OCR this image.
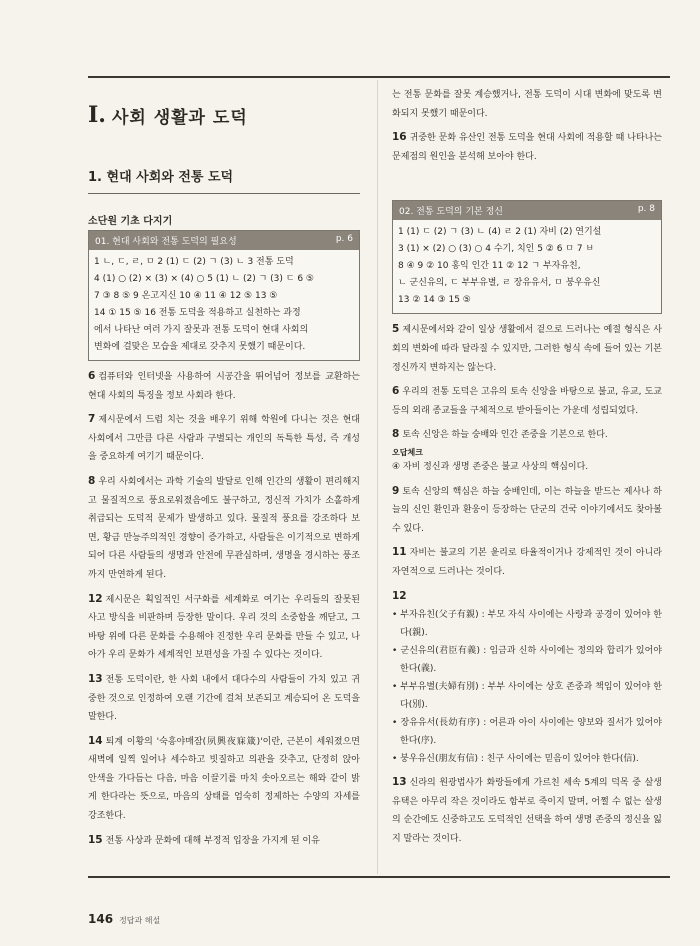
Ⅰ. 사회 생활과 도덕
1. 현대 사회와 전통 도덕
소단원 기초 다지기
01. 현대 사회와 전통 도덕의 필요성	p. 6
1 ㄴ, ㄷ, ㄹ, ㅁ 2 (1) ㄷ (2) ㄱ (3) ㄴ 3 전통 도덕
4 (1) ○ (2) × (3) × (4) ○ 5 (1) ㄴ (2) ㄱ (3) ㄷ 6 ⑤
7 ③ 8 ⑤ 9 온고지신 10 ④ 11 ④ 12 ⑤ 13 ⑤
14 ① 15 ⑤ 16 전통 도덕을 적용하고 실천하는 과정
에서 나타난 여러 가지 잘못과 전통 도덕이 현대 사회의
변화에 걸맞은 모습을 제대로 갖추지 못했기 때문이다.
6 컴퓨터와 인터넷을 사용하여 시공간을 뛰어넘어 정보를 교환하는 현대 사회의 특징을 정보 사회라 한다.
7 제시문에서 드럼 치는 것을 배우기 위해 학원에 다니는 것은 현대 사회에서 그만큼 다른 사람과 구별되는 개인의 독특한 특성, 즉 개성을 중요하게 여기기 때문이다.
8 우리 사회에서는 과학 기술의 발달로 인해 인간의 생활이 편리해지고 물질적으로 풍요로워졌음에도 불구하고, 정신적 가치가 소홀하게 취급되는 도덕적 문제가 발생하고 있다. 물질적 풍요를 강조하다 보면, 황금 만능주의적인 경향이 증가하고, 사람들은 이기적으로 변하게 되어 다른 사람들의 생명과 안전에 무관심하며, 생명을 경시하는 풍조까지 만연하게 된다.
12 제시문은 획일적인 서구화를 세계화로 여기는 우리들의 잘못된 사고 방식을 비판하며 등장한 말이다. 우리 것의 소중함을 깨닫고, 그 바탕 위에 다른 문화를 수용해야 진정한 우리 문화를 만들 수 있고, 나아가 우리 문화가 세계적인 보편성을 가질 수 있다는 것이다.
13 전통 도덕이란, 한 사회 내에서 대다수의 사람들이 가치 있고 귀중한 것으로 인정하여 오랜 기간에 걸쳐 보존되고 계승되어 온 도덕을 말한다.
14 퇴계 이황의 '숙흥야매잠(夙興夜寐箴)'이란, 근본이 세워졌으면 새벽에 일찍 일어나 세수하고 빗질하고 의관을 갖추고, 단정히 앉아 안색을 가다듬는 다음, 마음 이끌기를 마치 솟아오르는 해와 같이 밝게 한다라는 뜻으로, 마음의 상태를 엄숙히 정제하는 수양의 자세를 강조한다.
15 전통 사상과 문화에 대해 부정적 입장을 가지게 된 이유
는 전통 문화를 잘못 계승했거나, 전통 도덕이 시대 변화에 맞도록 변화되지 못했기 때문이다.
16 귀중한 문화 유산인 전통 도덕을 현대 사회에 적용할 때 나타나는 문제점의 원인을 분석해 보아야 한다.
02. 전통 도덕의 기본 정신	p. 8
1 (1) ㄷ (2) ㄱ (3) ㄴ (4) ㄹ 2 (1) 자비 (2) 연기설
3 (1) × (2) ○ (3) ○ 4 수기, 치인 5 ② 6 ㅁ 7 ㅂ
8 ④ 9 ② 10 홍익 인간 11 ② 12 ㄱ 부자유친,
ㄴ 군신유의, ㄷ 부부유별, ㄹ 장유유서, ㅁ 붕우유신
13 ② 14 ③ 15 ⑤
5 제시문에서와 같이 일상 생활에서 겉으로 드러나는 예절 형식은 사회의 변화에 따라 달라질 수 있지만, 그러한 형식 속에 들어 있는 기본 정신까지 변하지는 않는다.
6 우리의 전통 도덕은 고유의 토속 신앙을 바탕으로 불교, 유교, 도교 등의 외래 종교들을 구체적으로 받아들이는 가운데 성립되었다.
8 토속 신앙은 하늘 숭배와 인간 존중을 기본으로 한다.
오답체크
④ 자비 정신과 생명 존중은 불교 사상의 핵심이다.
9 토속 신앙의 핵심은 하늘 숭배인데, 이는 하늘을 받드는 제사나 하늘의 신인 환인과 환웅이 등장하는 단군의 건국 이야기에서도 찾아볼 수 있다.
11 자비는 불교의 기본 윤리로 타율적이거나 강제적인 것이 아니라 자연적으로 드러나는 것이다.
12
• 부자유친(父子有親) : 부모 자식 사이에는 사랑과 공경이 있어야 한다(親).
• 군신유의(君臣有義) : 임금과 신하 사이에는 정의와 합리가 있어야 한다(義).
• 부부유별(夫婦有別) : 부부 사이에는 상호 존중과 책임이 있어야 한다(別).
• 장유유서(長幼有序) : 어른과 아이 사이에는 양보와 질서가 있어야 한다(序).
• 붕우유신(朋友有信) : 친구 사이에는 믿음이 있어야 한다(信).
13 신라의 원광법사가 화랑들에게 가르친 세속 5계의 덕목 중 살생유택은 아무리 작은 것이라도 함부로 죽이지 말며, 어쩔 수 없는 살생의 순간에도 신중하고도 도덕적인 선택을 하여 생명 존중의 정신을 잃지 말라는 것이다.
146 정답과 해설
